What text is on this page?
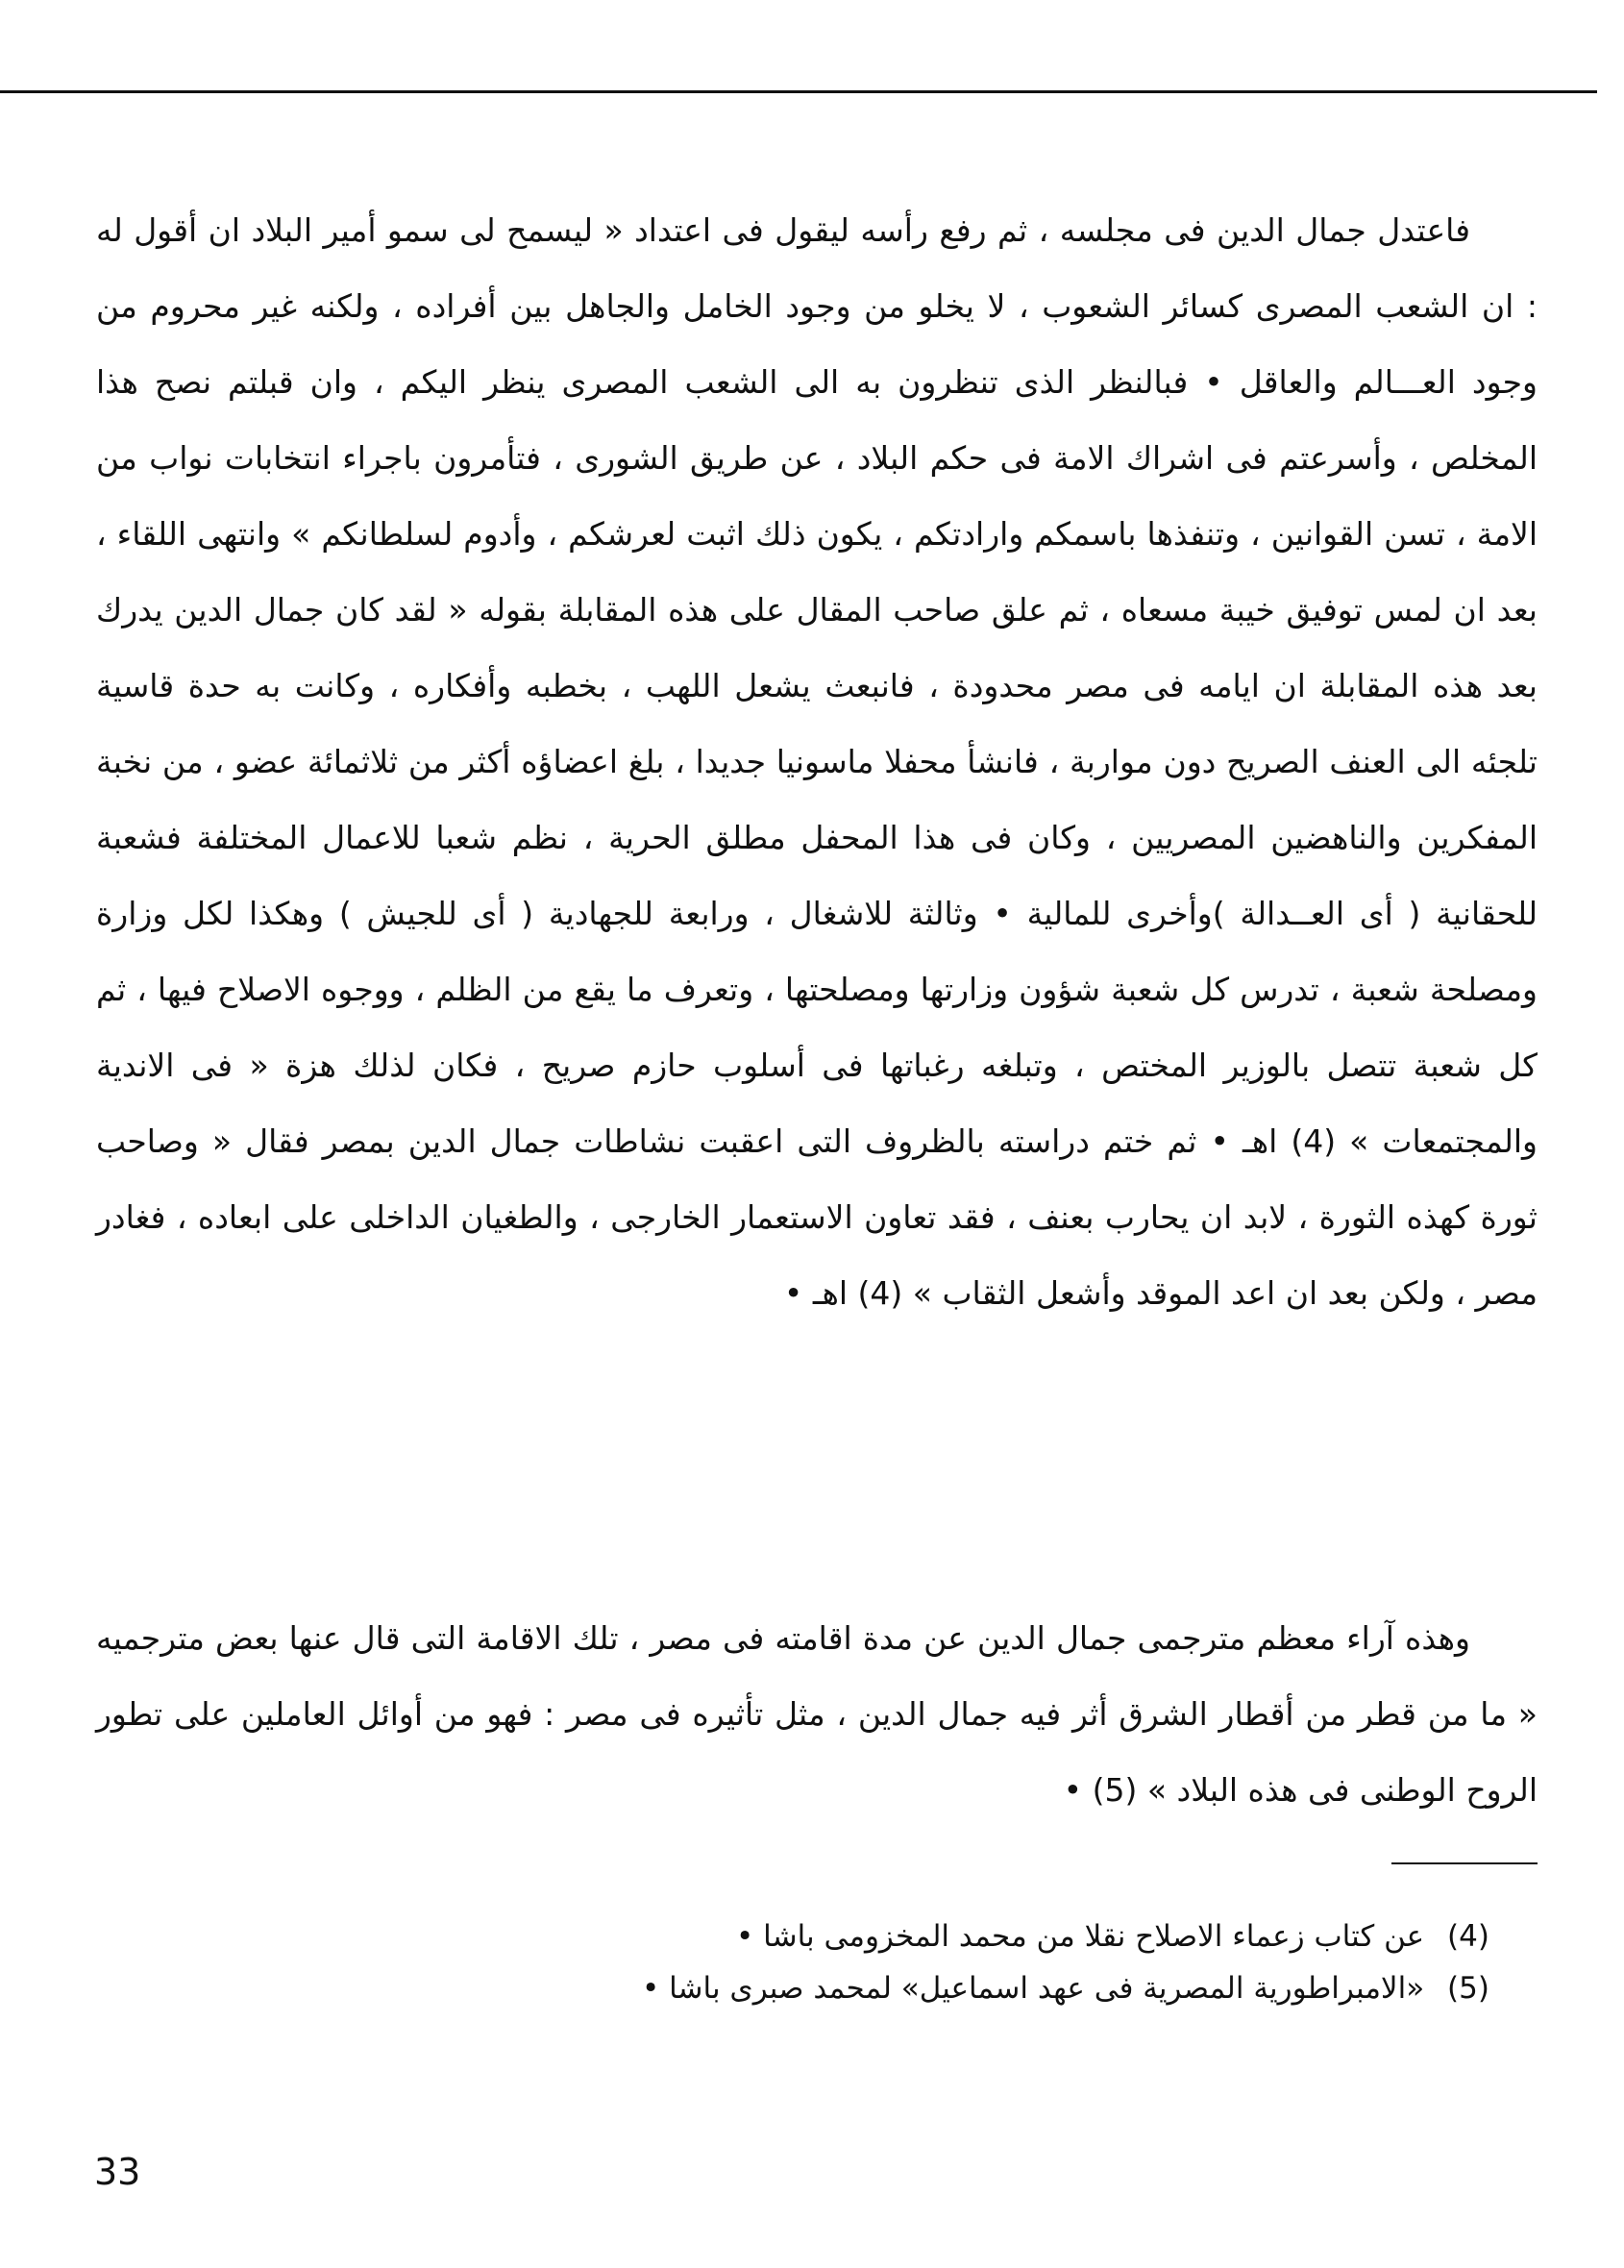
فاعتدل جمال الدين فى مجلسه ، ثم رفع رأسه ليقول فى اعتداد « ليسمح لى سمو أمير البلاد ان أقول له : ان الشعب المصرى كسائر الشعوب ، لا يخلو من وجود الخامل والجاهل بين أفراده ، ولكنه غير محروم من وجود العـــالم والعاقل • فبالنظر الذى تنظرون به الى الشعب المصرى ينظر اليكم ، وان قبلتم نصح هذا المخلص ، وأسرعتم فى اشراك الامة فى حكم البلاد ، عن طريق الشورى ، فتأمرون باجراء انتخابات نواب من الامة ، تسن القوانين ، وتنفذها باسمكم وارادتكم ، يكون ذلك اثبت لعرشكم ، وأدوم لسلطانكم » وانتهى اللقاء ، بعد ان لمس توفيق خيبة مسعاه ، ثم علق صاحب المقال على هذه المقابلة بقوله « لقد كان جمال الدين يدرك بعد هذه المقابلة ان ايامه فى مصر محدودة ، فانبعث يشعل اللهب ، بخطبه وأفكاره ، وكانت به حدة قاسية تلجئه الى العنف الصريح دون مواربة ، فانشأ محفلا ماسونيا جديدا ، بلغ اعضاؤه أكثر من ثلاثمائة عضو ، من نخبة المفكرين والناهضين المصريين ، وكان فى هذا المحفل مطلق الحرية ، نظم شعبا للاعمال المختلفة فشعبة للحقانية ( أى العــدالة )وأخرى للمالية • وثالثة للاشغال ، ورابعة للجهادية ( أى للجيش ) وهكذا لكل وزارة ومصلحة شعبة ، تدرس كل شعبة شؤون وزارتها ومصلحتها ، وتعرف ما يقع من الظلم ، ووجوه الاصلاح فيها ، ثم كل شعبة تتصل بالوزير المختص ، وتبلغه رغباتها فى أسلوب حازم صريح ، فكان لذلك هزة « فى الاندية والمجتمعات » (4) اهـ • ثم ختم دراسته بالظروف التى اعقبت نشاطات جمال الدين بمصر فقال « وصاحب ثورة كهذه الثورة ، لابد ان يحارب بعنف ، فقد تعاون الاستعمار الخارجى ، والطغيان الداخلى على ابعاده ، فغادر مصر ، ولكن بعد ان اعد الموقد وأشعل الثقاب » (4) اهـ •

وهذه آراء معظم مترجمى جمال الدين عن مدة اقامته فى مصر ، تلك الاقامة التى قال عنها بعض مترجميه « ما من قطر من أقطار الشرق أثر فيه جمال الدين ، مثل تأثيره فى مصر : فهو من أوائل العاملين على تطور الروح الوطنى فى هذه البلاد » (5) •

(4) عن كتاب زعماء الاصلاح نقلا من محمد المخزومى باشا •
(5) «الامبراطورية المصرية فى عهد اسماعيل» لمحمد صبرى باشا •
33
